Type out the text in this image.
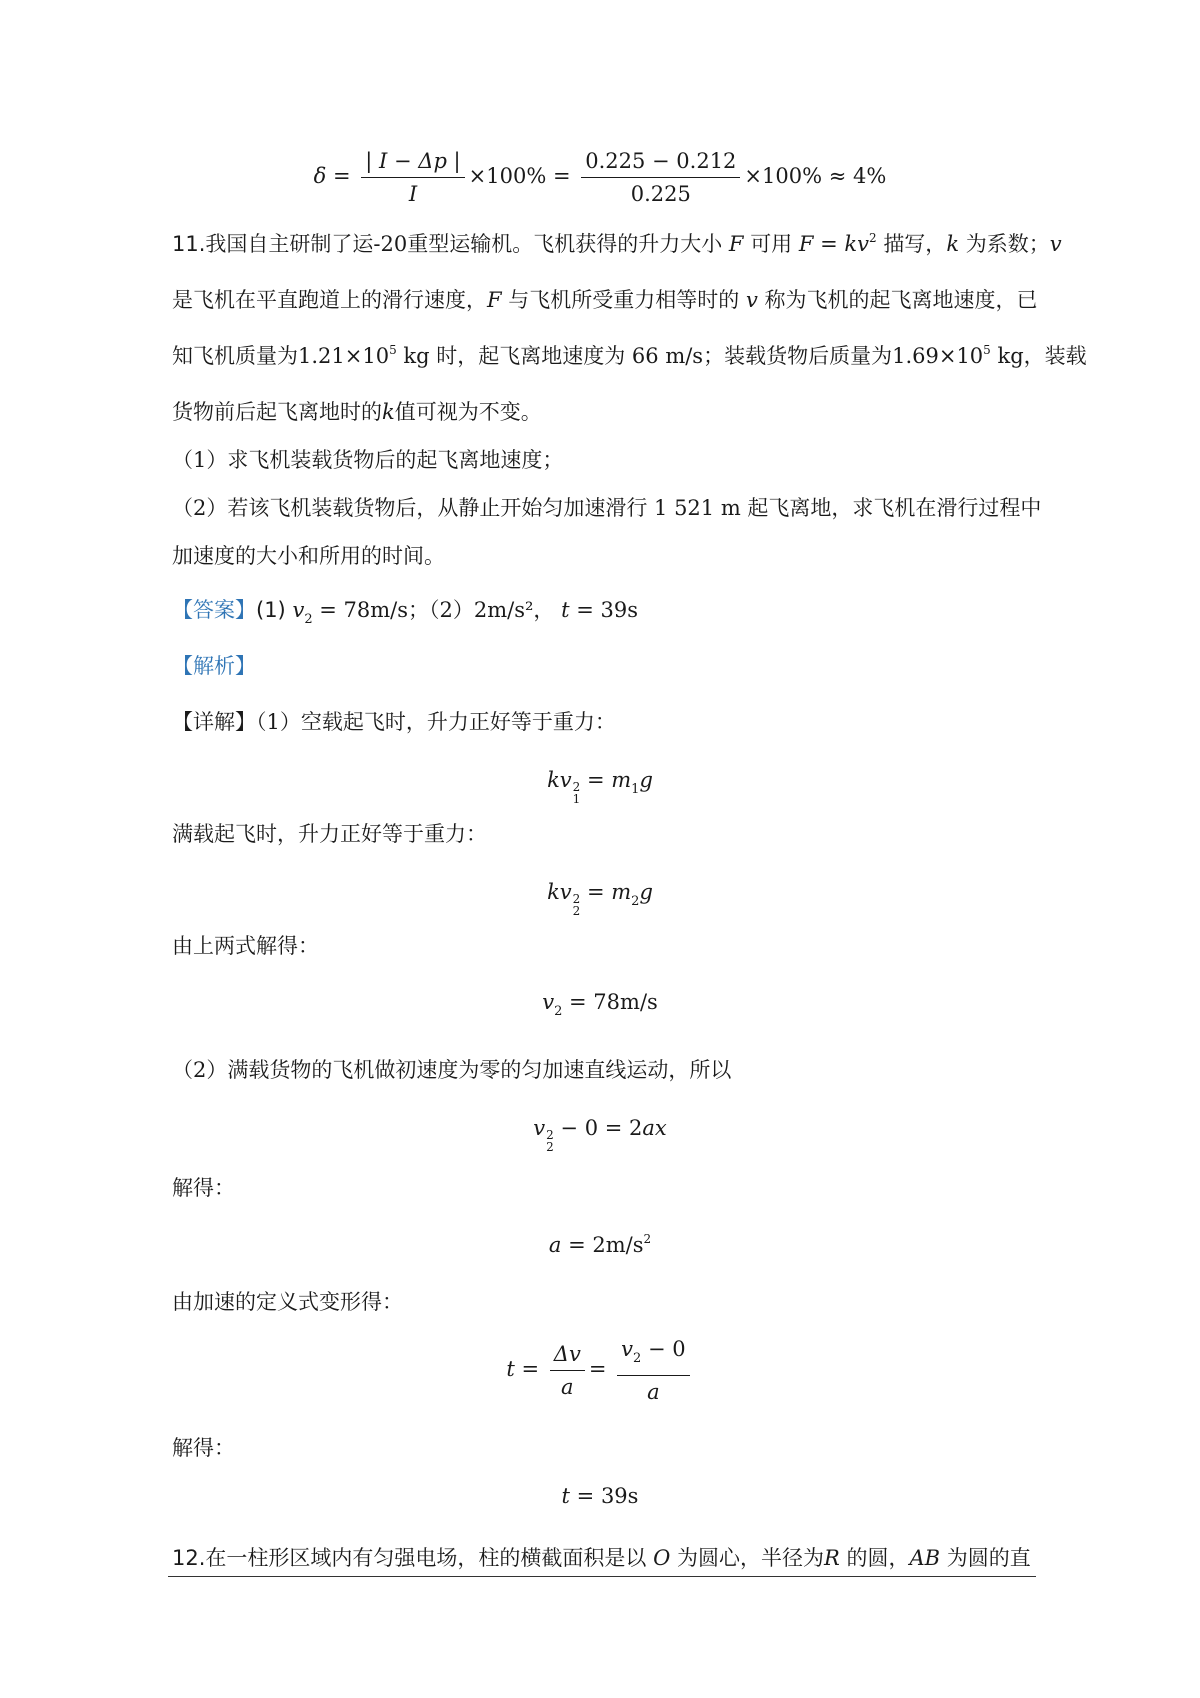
$\delta = \frac{| I - \Delta p |}{I} \times 100\% = \frac{0.225 - 0.212}{0.225} \times 100\% \approx 4\%$
11.我国自主研制了运-20重型运输机。飞机获得的升力大小 F 可用 $F = kv^2$ 描写，k 为系数；v
是飞机在平直跑道上的滑行速度，F 与飞机所受重力相等时的 v 称为飞机的起飞离地速度，已
知飞机质量为$1.21\times 10^5$ kg 时，起飞离地速度为 66 m/s；装载货物后质量为$1.69\times 10^5$ kg，装载
货物前后起飞离地时的k值可视为不变。
（1）求飞机装载货物后的起飞离地速度；
（2）若该飞机装载货物后，从静止开始匀加速滑行 1 521 m 起飞离地，求飞机在滑行过程中
加速度的大小和所用的时间。
【答案】(1) $v_2 = 78m/s$；（2）2m/s²， t = 39s
【解析】
【详解】（1）空载起飞时，升力正好等于重力：
kv 2
1
= $m_1g$
满载起飞时，升力正好等于重力：
kv 2
2
= $m_2g$
由上两式解得：
$v_2 = 78m/s$
（2）满载货物的飞机做初速度为零的匀加速直线运动，所以
v 2
2
− 0 = 2ax
解得：
$a = 2m/s^2$
由加速的定义式变形得：
$t = \frac{\Delta v}{a} = \frac{v_2 - 0}{a}$
解得：
t = 39s
12.在一柱形区域内有匀强电场，柱的横截面积是以 O 为圆心，半径为R 的圆，AB 为圆的直
